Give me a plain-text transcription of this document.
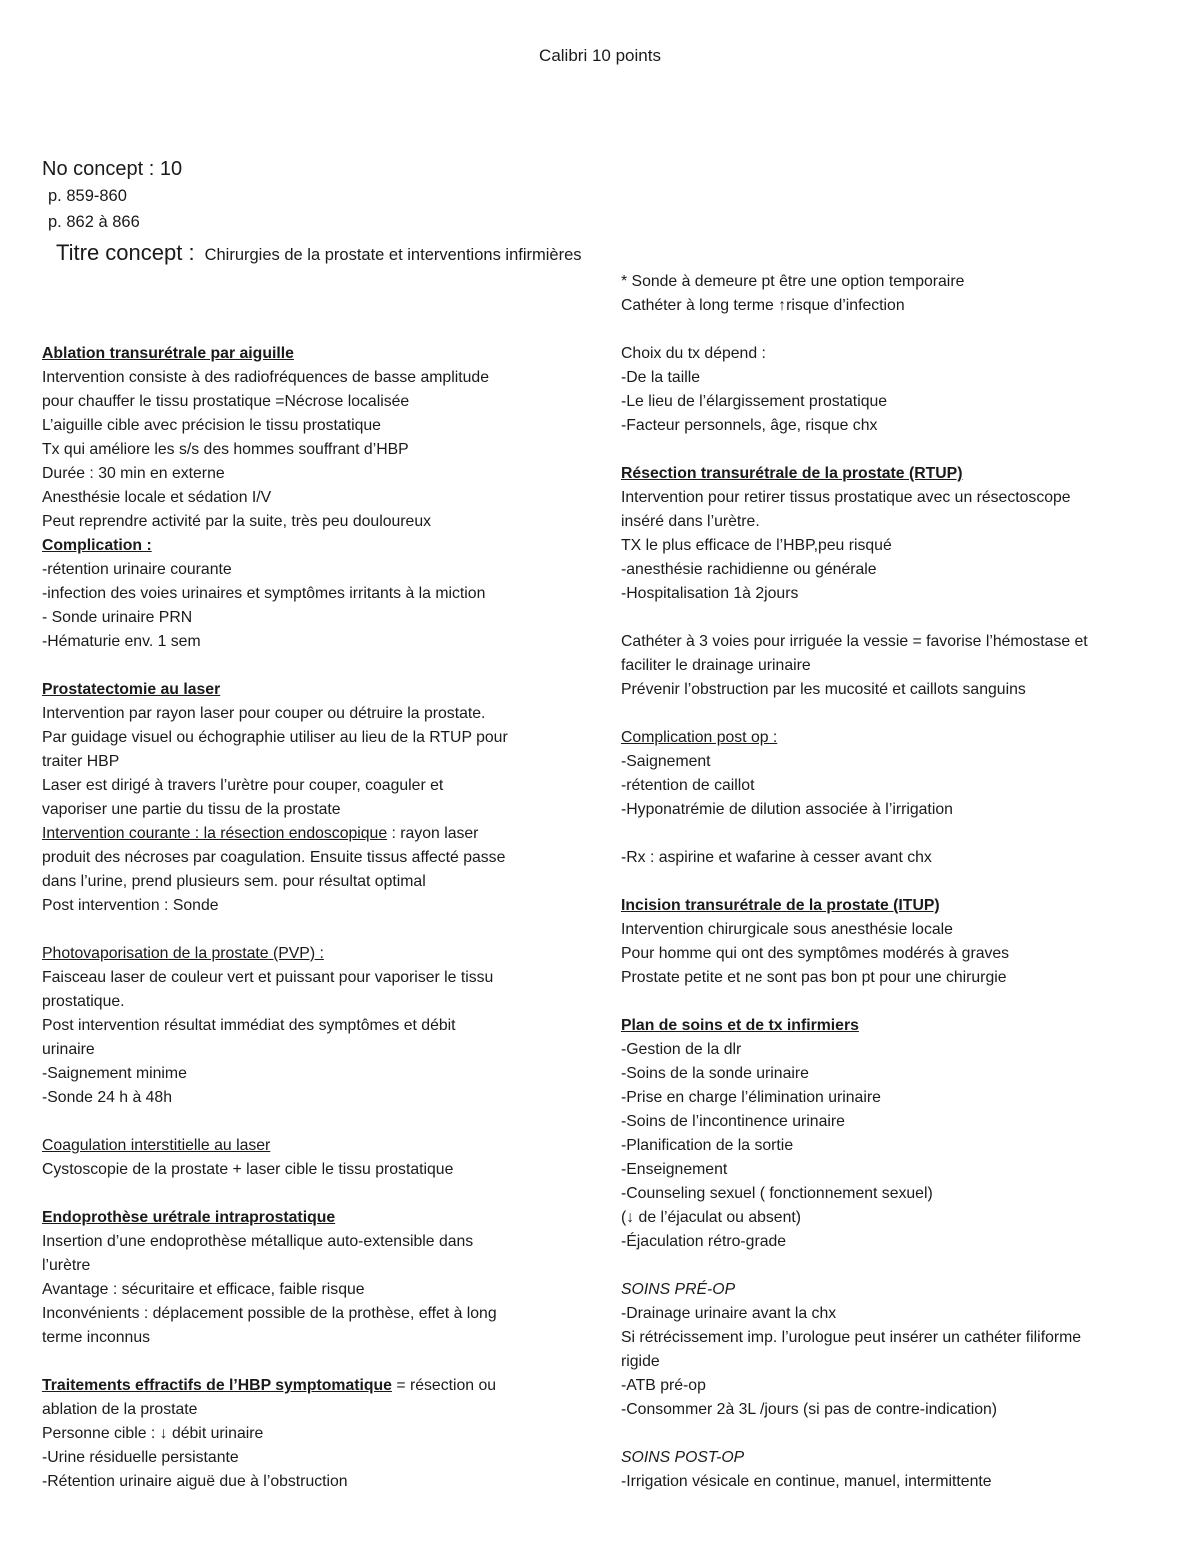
Calibri 10 points
No concept : 10
p. 859-860
p. 862 à 866
Titre concept : Chirurgies de la prostate et interventions infirmières
Ablation transurétrale par aiguille
Intervention consiste à des radiofréquences de basse amplitude
pour chauffer le tissu prostatique =Nécrose localisée
L’aiguille cible avec précision le tissu prostatique
Tx qui améliore les s/s des hommes souffrant d’HBP
Durée : 30 min en externe
Anesthésie locale et sédation I/V
Peut reprendre activité par la suite, très peu douloureux
Complication :
-rétention urinaire courante
-infection des voies urinaires et symptômes irritants à la miction
- Sonde urinaire PRN
-Hématurie env. 1 sem
Prostatectomie au laser
Intervention par rayon laser pour couper ou détruire la prostate.
Par guidage visuel ou échographie utiliser au lieu de la RTUP pour
traiter HBP
Laser est dirigé à travers l’urètre pour couper, coaguler et
vaporiser une partie du tissu de la prostate
Intervention courante : la résection endoscopique : rayon laser
produit des nécroses par coagulation. Ensuite tissus affecté passe
dans l’urine, prend plusieurs sem. pour résultat optimal
Post intervention : Sonde
Photovaporisation de la prostate (PVP) :
Faisceau laser de couleur vert et puissant pour vaporiser le tissu
prostatique.
Post intervention résultat immédiat des symptômes et débit
urinaire
-Saignement minime
-Sonde 24 h à 48h
Coagulation interstitielle au laser
Cystoscopie de la prostate + laser cible le tissu prostatique
Endoprothèse urétrale intraprostatique
Insertion d’une endoprothèse métallique auto-extensible dans
l’urètre
Avantage : sécuritaire et efficace, faible risque
Inconvénients : déplacement possible de la prothèse, effet à long
terme inconnus
Traitements effractifs de l’HBP symptomatique = résection ou
ablation de la prostate
Personne cible : ↓ débit urinaire
-Urine résiduelle persistante
-Rétention urinaire aiguë due à l’obstruction
* Sonde à demeure pt être une option temporaire
Cathéter à long terme ↑risque d’infection
Choix du tx dépend :
-De la taille
-Le lieu de l’élargissement prostatique
-Facteur personnels, âge, risque chx
Résection transurétrale de la prostate (RTUP)
Intervention pour retirer tissus prostatique avec un résectoscope
inséré dans l’urètre.
TX le plus efficace de l’HBP,peu risqué
-anesthésie rachidienne ou générale
-Hospitalisation 1à 2jours
Cathéter à 3 voies pour irriguée la vessie = favorise l’hémostase et
faciliter le drainage urinaire
Prévenir l’obstruction par les mucosité et caillots sanguins
Complication post op :
-Saignement
-rétention de caillot
-Hyponatrémie de dilution associée à l’irrigation
-Rx : aspirine et wafarine à cesser avant chx
Incision transurétrale de la prostate (ITUP)
Intervention chirurgicale sous anesthésie locale
Pour homme qui ont des symptômes modérés à graves
Prostate petite et ne sont pas bon pt pour une chirurgie
Plan de soins et de tx infirmiers
-Gestion de la dlr
-Soins de la sonde urinaire
-Prise en charge l’élimination urinaire
-Soins de l’incontinence urinaire
-Planification de la sortie
-Enseignement
-Counseling sexuel ( fonctionnement sexuel)
(↓ de l’éjaculat ou absent)
-Éjaculation rétro-grade
SOINS PRÉ-OP
-Drainage urinaire avant la chx
Si rétrécissement imp. l’urologue peut insérer un cathéter filiforme
rigide
-ATB pré-op
-Consommer 2à 3L /jours (si pas de contre-indication)
SOINS POST-OP
-Irrigation vésicale en continue, manuel, intermittente
